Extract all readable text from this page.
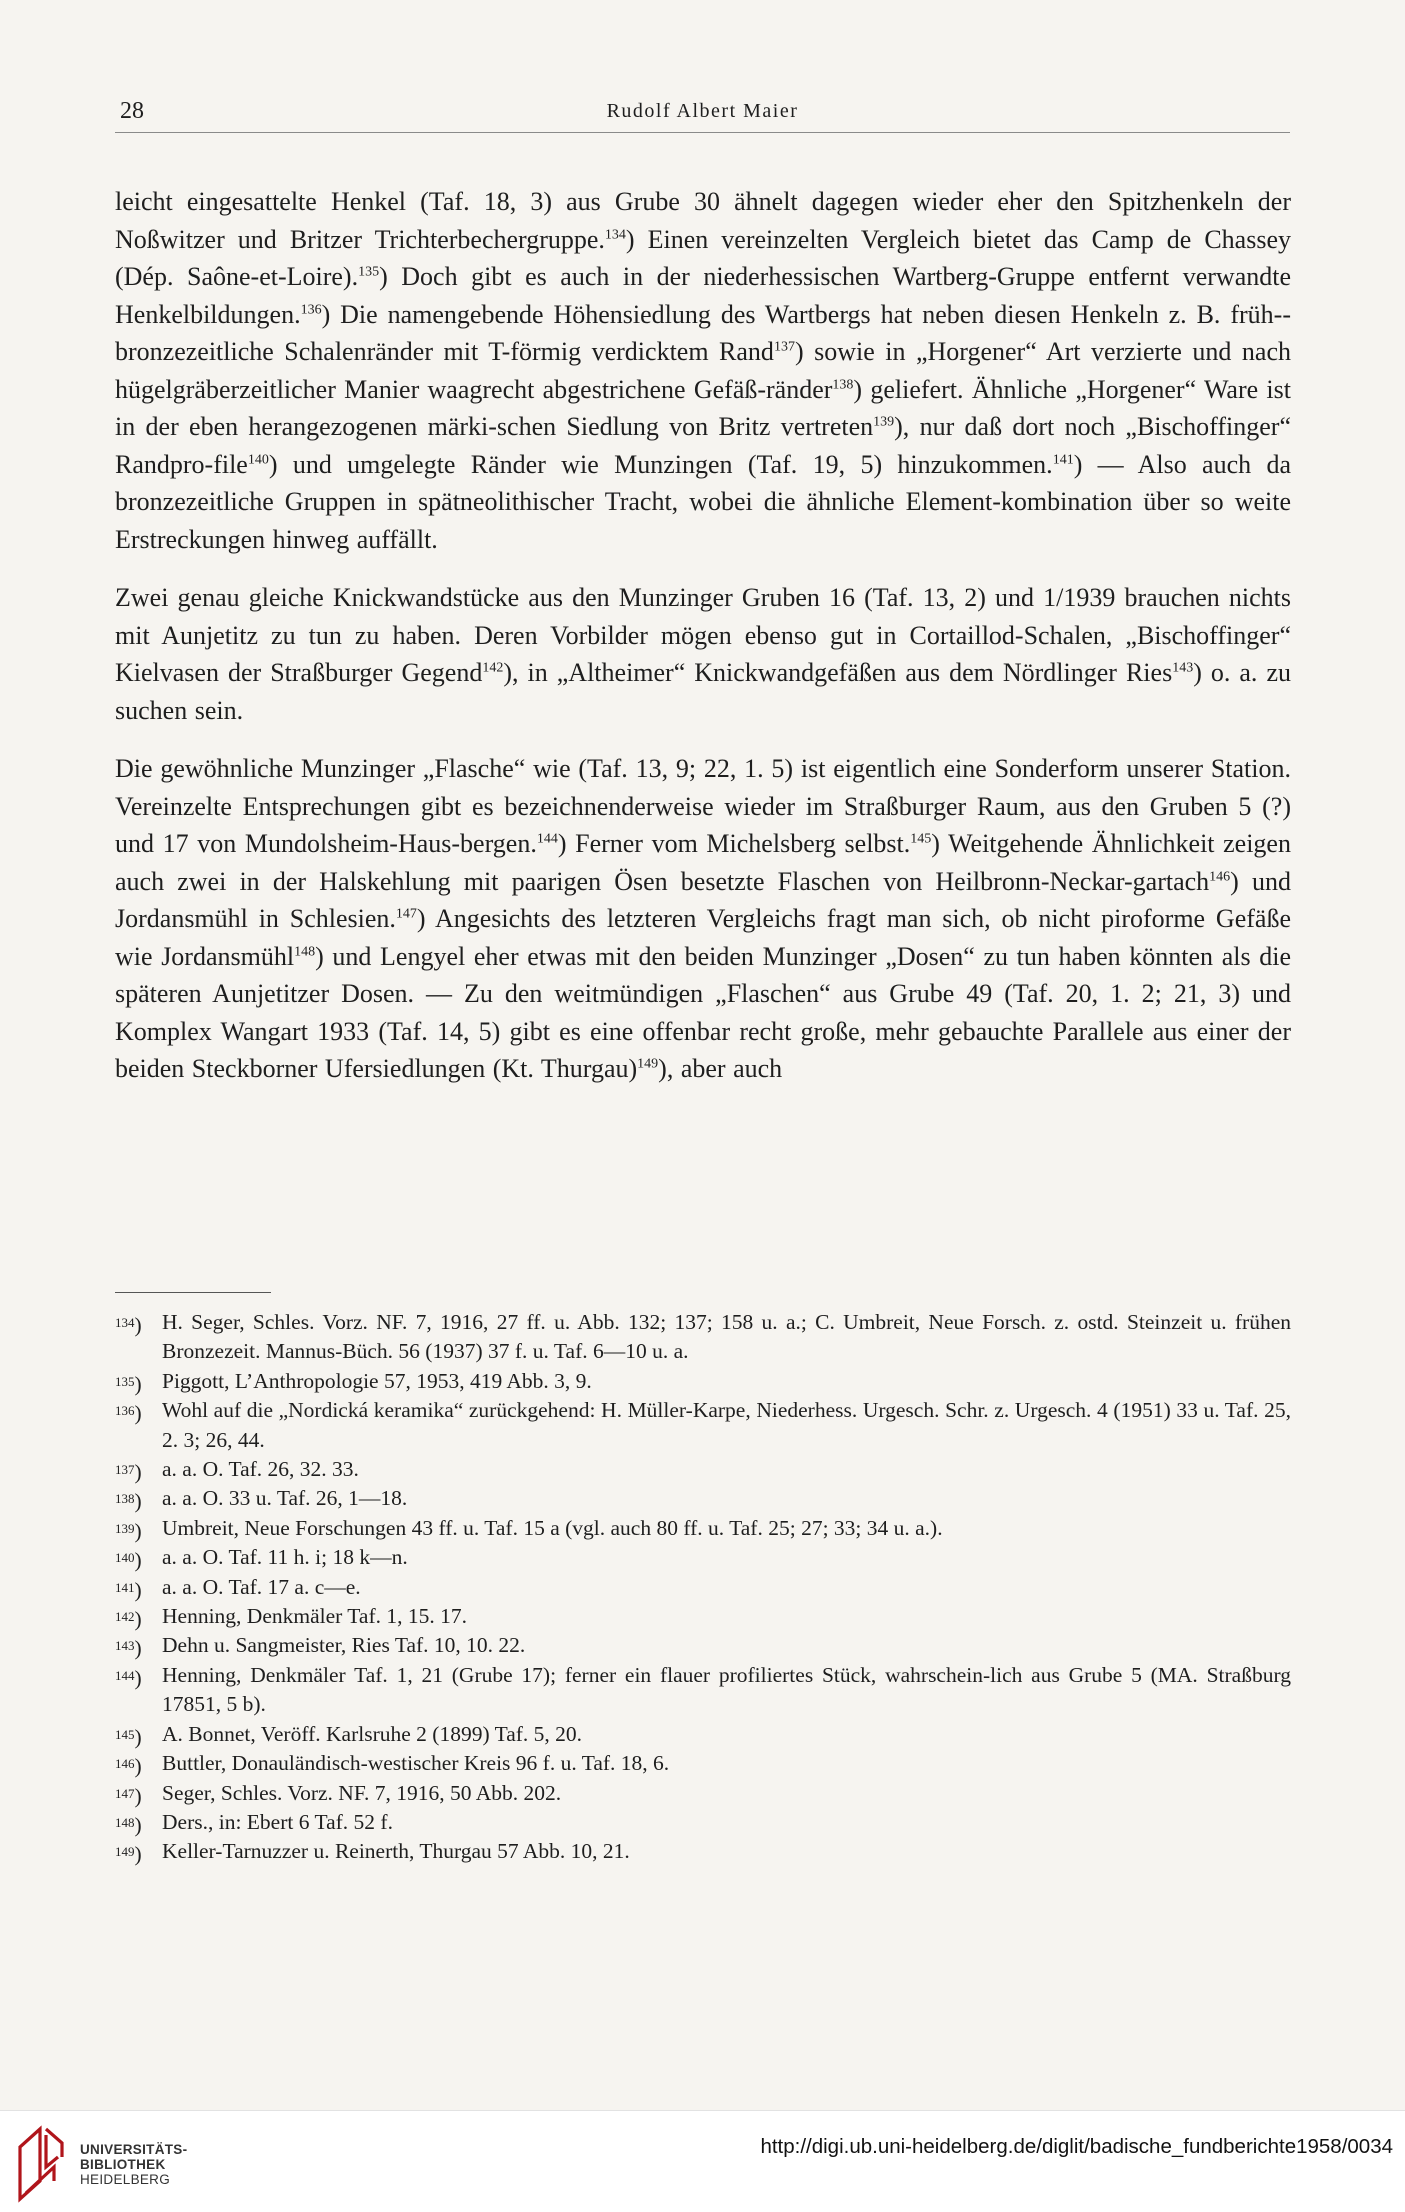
28	Rudolf Albert Maier

leicht eingesattelte Henkel (Taf. 18, 3) aus Grube 30 ähnelt dagegen wieder eher den Spitzhenkeln der Noßwitzer und Britzer Trichterbechergruppe.$^{134}$) Einen vereinzelten Vergleich bietet das Camp de Chassey (Dép. Saône-et-Loire).$^{135}$) Doch gibt es auch in der niederhessischen Wartberg-Gruppe entfernt verwandte Henkelbildungen.$^{136}$) Die namengebende Höhensiedlung des Wartbergs hat neben diesen Henkeln z. B. früh-bronzezeitliche Schalenränder mit T-förmig verdicktem Rand$^{137}$) sowie in „Horgener“ Art verzierte und nach hügelgräberzeitlicher Manier waagrecht abgestrichene Gefäß-ränder$^{138}$) geliefert. Ähnliche „Horgener“ Ware ist in der eben herangezogenen märki-schen Siedlung von Britz vertreten$^{139}$), nur daß dort noch „Bischoffinger“ Randpro-file$^{140}$) und umgelegte Ränder wie Munzingen (Taf. 19, 5) hinzukommen.$^{141}$) — Also auch da bronzezeitliche Gruppen in spätneolithischer Tracht, wobei die ähnliche Element-kombination über so weite Erstreckungen hinweg auffällt.

Zwei genau gleiche Knickwandstücke aus den Munzinger Gruben 16 (Taf. 13, 2) und 1/1939 brauchen nichts mit Aunjetitz zu tun zu haben. Deren Vorbilder mögen ebenso gut in Cortaillod-Schalen, „Bischoffinger“ Kielvasen der Straßburger Gegend$^{142}$), in „Altheimer“ Knickwandgefäßen aus dem Nördlinger Ries$^{143}$) o. a. zu suchen sein.

Die gewöhnliche Munzinger „Flasche“ wie (Taf. 13, 9; 22, 1. 5) ist eigentlich eine Sonderform unserer Station. Vereinzelte Entsprechungen gibt es bezeichnenderweise wieder im Straßburger Raum, aus den Gruben 5 (?) und 17 von Mundolsheim-Haus-bergen.$^{144}$) Ferner vom Michelsberg selbst.$^{145}$) Weitgehende Ähnlichkeit zeigen auch zwei in der Halskehlung mit paarigen Ösen besetzte Flaschen von Heilbronn-Neckar-gartach$^{146}$) und Jordansmühl in Schlesien.$^{147}$) Angesichts des letzteren Vergleichs fragt man sich, ob nicht piroforme Gefäße wie Jordansmühl$^{148}$) und Lengyel eher etwas mit den beiden Munzinger „Dosen“ zu tun haben könnten als die späteren Aunjetitzer Dosen. — Zu den weitmündigen „Flaschen“ aus Grube 49 (Taf. 20, 1. 2; 21, 3) und Komplex Wangart 1933 (Taf. 14, 5) gibt es eine offenbar recht große, mehr gebauchte Parallele aus einer der beiden Steckborner Ufersiedlungen (Kt. Thurgau)$^{149}$), aber auch

$^{134}$) H. Seger, Schles. Vorz. NF. 7, 1916, 27 ff. u. Abb. 132; 137; 158 u. a.; C. Umbreit, Neue Forsch. z. ostd. Steinzeit u. frühen Bronzezeit. Mannus-Büch. 56 (1937) 37 f. u. Taf. 6—10 u. a.
$^{135}$) Piggott, L’Anthropologie 57, 1953, 419 Abb. 3, 9.
$^{136}$) Wohl auf die „Nordická keramika“ zurückgehend: H. Müller-Karpe, Niederhess. Urgesch. Schr. z. Urgesch. 4 (1951) 33 u. Taf. 25, 2. 3; 26, 44.
$^{137}$) a. a. O. Taf. 26, 32. 33.
$^{138}$) a. a. O. 33 u. Taf. 26, 1—18.
$^{139}$) Umbreit, Neue Forschungen 43 ff. u. Taf. 15 a (vgl. auch 80 ff. u. Taf. 25; 27; 33; 34 u. a.).
$^{140}$) a. a. O. Taf. 11 h. i; 18 k—n.
$^{141}$) a. a. O. Taf. 17 a. c—e.
$^{142}$) Henning, Denkmäler Taf. 1, 15. 17.
$^{143}$) Dehn u. Sangmeister, Ries Taf. 10, 10. 22.
$^{144}$) Henning, Denkmäler Taf. 1, 21 (Grube 17); ferner ein flauer profiliertes Stück, wahrschein-lich aus Grube 5 (MA. Straßburg 17851, 5 b).
$^{145}$) A. Bonnet, Veröff. Karlsruhe 2 (1899) Taf. 5, 20.
$^{146}$) Buttler, Donauländisch-westischer Kreis 96 f. u. Taf. 18, 6.
$^{147}$) Seger, Schles. Vorz. NF. 7, 1916, 50 Abb. 202.
$^{148}$) Ders., in: Ebert 6 Taf. 52 f.
$^{149}$) Keller-Tarnuzzer u. Reinerth, Thurgau 57 Abb. 10, 21.
UNIVERSITÄTS-
BIBLIOTHEK
HEIDELBERG
http://digi.ub.uni-heidelberg.de/diglit/badische_fundberichte1958/0034
